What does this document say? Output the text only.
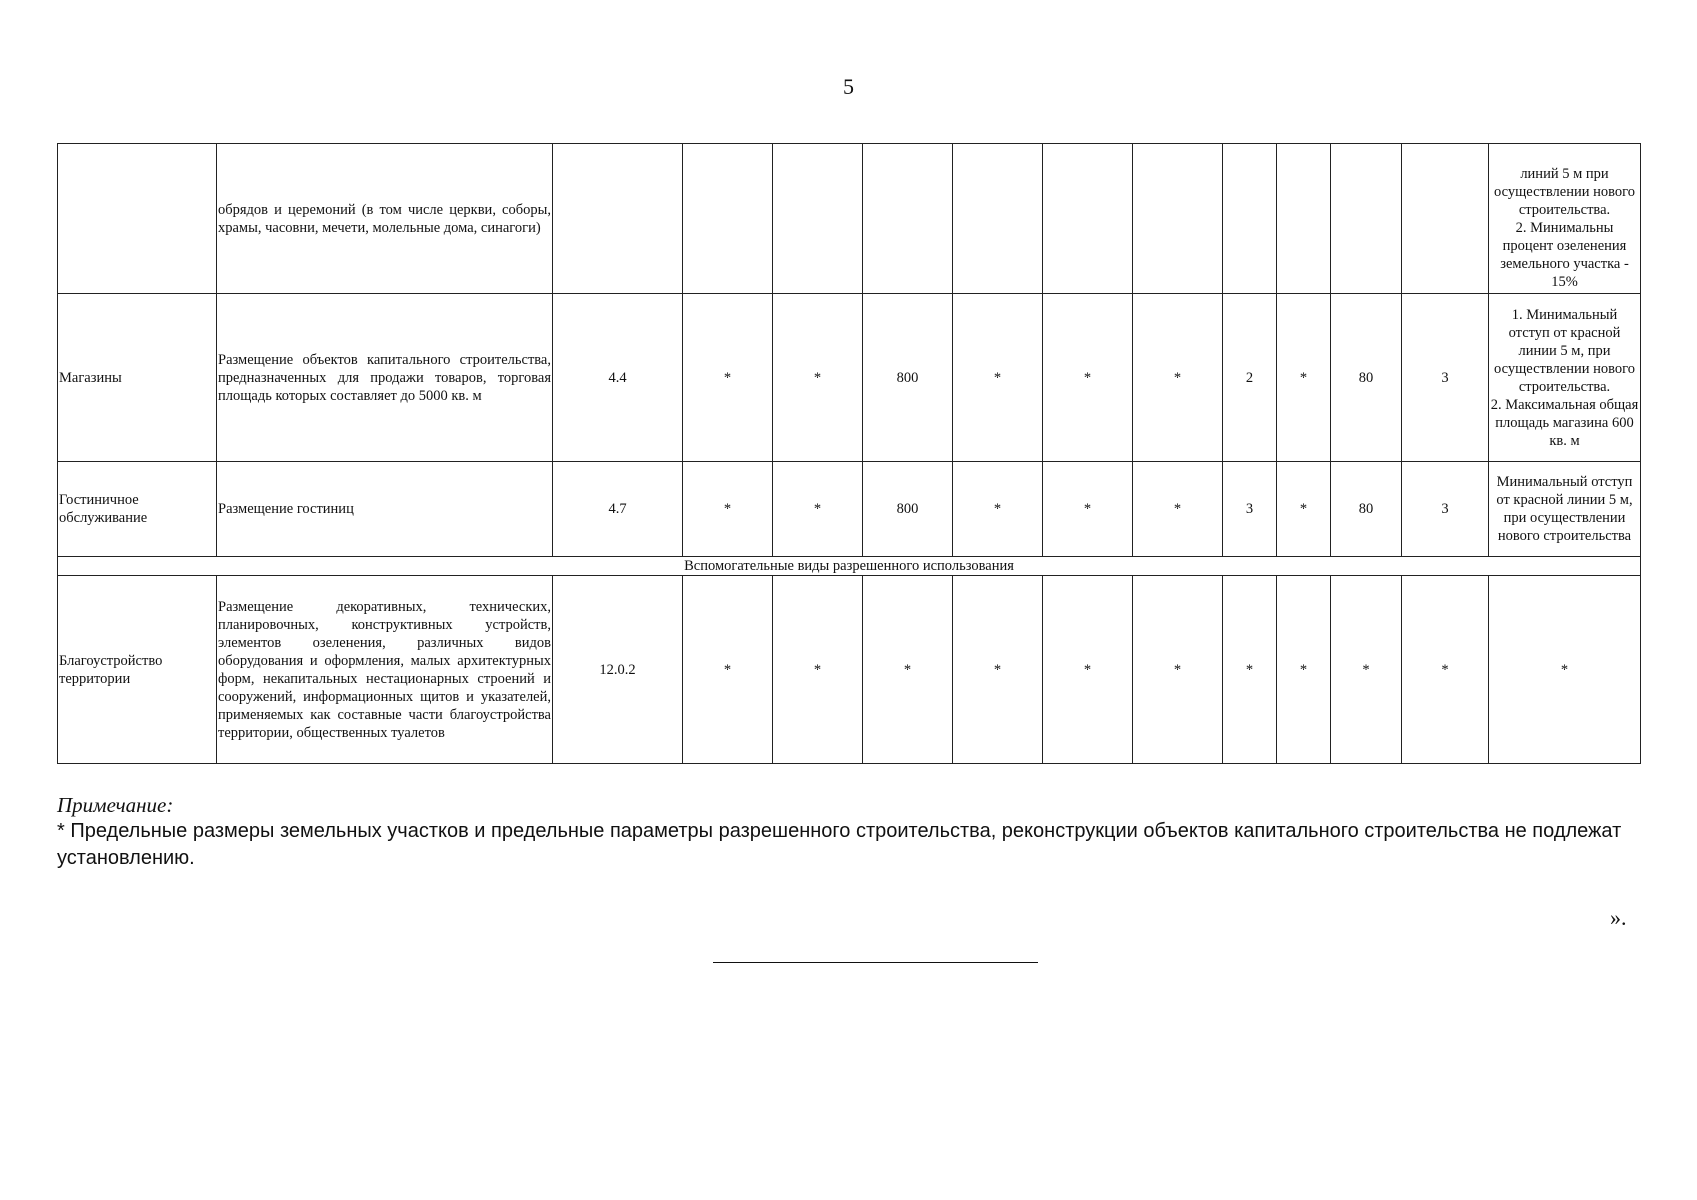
5
	обрядов и церемоний (в том числе церкви, соборы, храмы, часовни, мечети, молельные дома, синагоги)												линий 5 м при осуществлении нового строительства.
2. Минимальны процент озеленения земельного участка - 15%

Магазины	Размещение объектов капитального строительства, предназначенных для продажи товаров, торговая площадь которых составляет до 5000 кв. м	4.4	*	*	800	*	*	*	2	*	80	3	1. Минимальный отступ от красной линии 5 м, при осуществлении нового строительства.
2. Максимальная общая площадь магазина 600 кв. м
Гостиничное обслуживание	Размещение гостиниц	4.7	*	*	800	*	*	*	3	*	80	3	Минимальный отступ от красной линии 5 м, при осуществлении нового строительства
Вспомогательные виды разрешенного использования													
Благоустройство территории	Размещение декоративных, технических, планировочных, конструктивных устройств, элементов озеленения, различных видов оборудования и оформления, малых архитектурных форм, некапитальных нестационарных строений и сооружений, информационных щитов и указателей, применяемых как составные части благоустройства территории, общественных туалетов	12.0.2	*	*	*	*	*	*	*	*	*	*	*
Примечание:
* Предельные размеры земельных участков и предельные параметры разрешенного строительства, реконструкции объектов капитального строительства не подлежат установлению.
».
